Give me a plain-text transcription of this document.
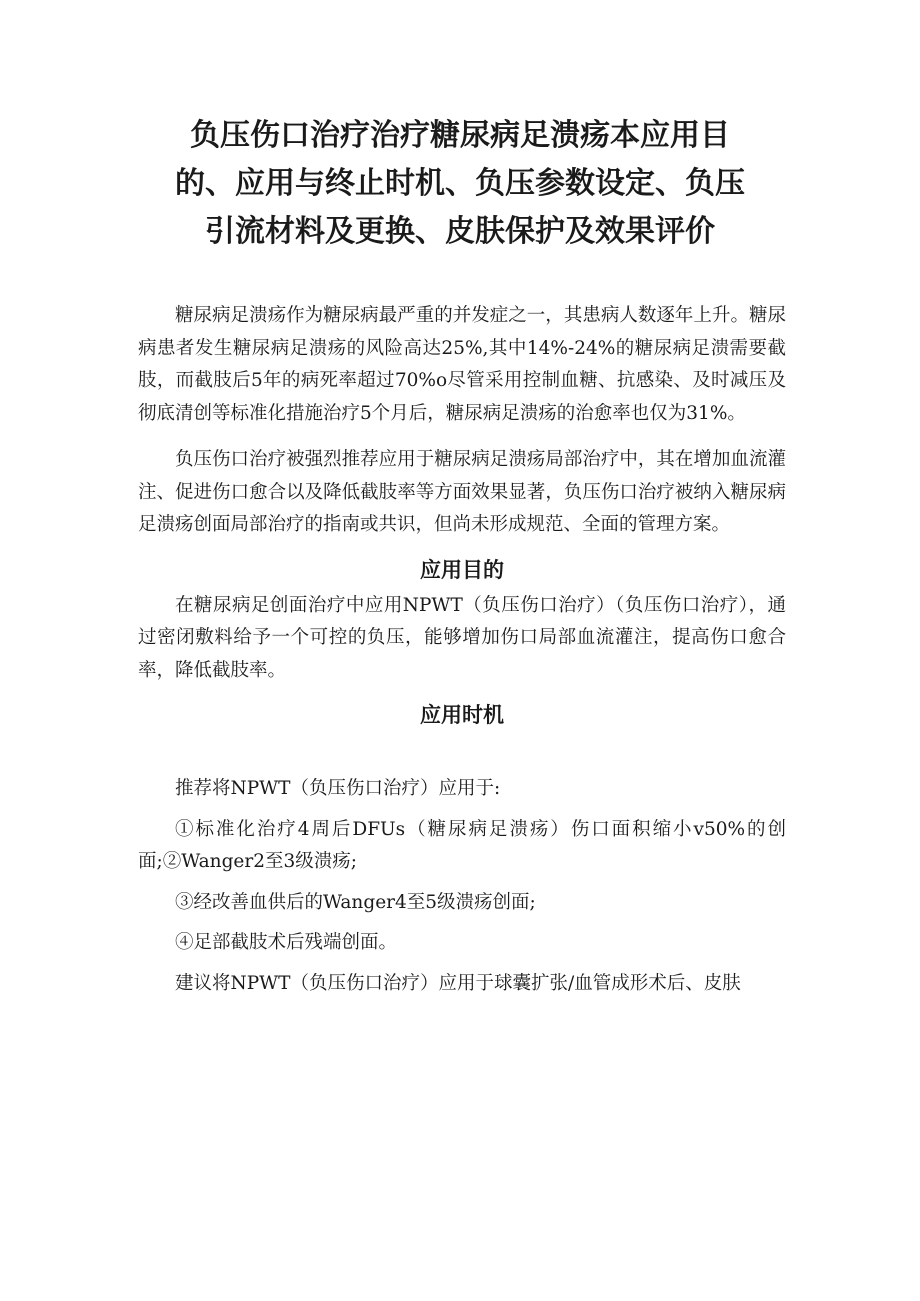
负压伤口治疗治疗糖尿病足溃疡本应用目
的、应用与终止时机、负压参数设定、负压
引流材料及更换、皮肤保护及效果评价

糖尿病足溃疡作为糖尿病最严重的并发症之一，其患病人数逐年上升。糖尿病患者发生糖尿病足溃疡的风险高达25%,其中14%-24%的糖尿病足溃需要截肢，而截肢后5年的病死率超过70%o尽管采用控制血糖、抗感染、及时减压及彻底清创等标准化措施治疗5个月后，糖尿病足溃疡的治愈率也仅为31%。

负压伤口治疗被强烈推荐应用于糖尿病足溃疡局部治疗中，其在增加血流灌注、促进伤口愈合以及降低截肢率等方面效果显著，负压伤口治疗被纳入糖尿病足溃疡创面局部治疗的指南或共识，但尚未形成规范、全面的管理方案。

应用目的

在糖尿病足创面治疗中应用NPWT（负压伤口治疗）（负压伤口治疗），通过密闭敷料给予一个可控的负压，能够增加伤口局部血流灌注，提高伤口愈合率，降低截肢率。

应用时机

推荐将NPWT（负压伤口治疗）应用于:

①标准化治疗4周后DFUs（糖尿病足溃疡）伤口面积缩小v50%的创面;②Wanger2至3级溃疡;

③经改善血供后的Wanger4至5级溃疡创面;

④足部截肢术后残端创面。

建议将NPWT（负压伤口治疗）应用于球囊扩张/血管成形术后、皮肤
